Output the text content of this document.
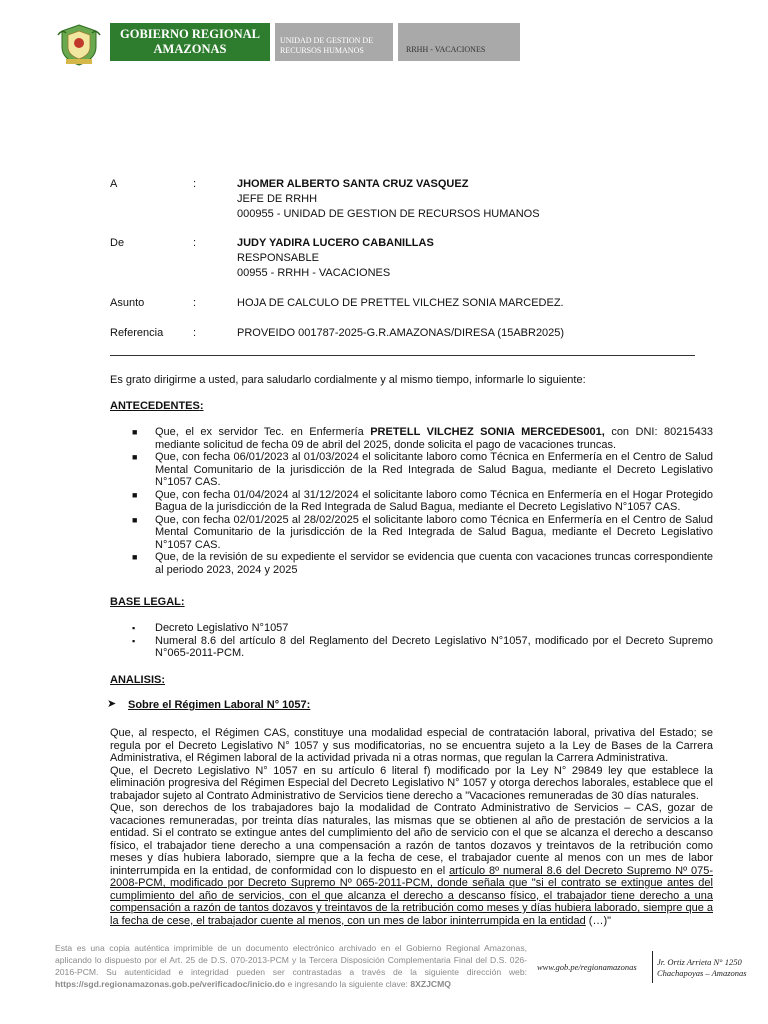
GOBIERNO REGIONAL
AMAZONAS
UNIDAD DE GESTION DE
RECURSOS HUMANOS	RRHH - VACACIONES
A	:	JHOMER ALBERTO SANTA CRUZ VASQUEZ
JEFE DE RRHH
000955 - UNIDAD DE GESTION DE RECURSOS HUMANOS
De	:	JUDY YADIRA LUCERO CABANILLAS
RESPONSABLE
00955 - RRHH - VACACIONES
Asunto	:	HOJA DE CALCULO DE PRETTEL VILCHEZ SONIA MARCEDEZ.
Referencia	:	PROVEIDO 001787-2025-G.R.AMAZONAS/DIRESA (15ABR2025)
Es grato dirigirme a usted, para saludarlo cordialmente y al mismo tiempo, informarle lo siguiente:
ANTECEDENTES:
■ Que, el ex servidor Tec. en Enfermería PRETELL VILCHEZ SONIA MERCEDES001, con DNI: 80215433 mediante solicitud de fecha 09 de abril del 2025, donde solicita el pago de vacaciones truncas.
■ Que, con fecha 06/01/2023 al 01/03/2024 el solicitante laboro como Técnica en Enfermería en el Centro de Salud Mental Comunitario de la jurisdicción de la Red Integrada de Salud Bagua, mediante el Decreto Legislativo N°1057 CAS.
■ Que, con fecha 01/04/2024 al 31/12/2024 el solicitante laboro como Técnica en Enfermería en el Hogar Protegido Bagua de la jurisdicción de la Red Integrada de Salud Bagua, mediante el Decreto Legislativo N°1057 CAS.
■ Que, con fecha 02/01/2025 al 28/02/2025 el solicitante laboro como Técnica en Enfermería en el Centro de Salud Mental Comunitario de la jurisdicción de la Red Integrada de Salud Bagua, mediante el Decreto Legislativo N°1057 CAS.
■ Que, de la revisión de su expediente el servidor se evidencia que cuenta con vacaciones truncas correspondiente al periodo 2023, 2024 y 2025
BASE LEGAL:
▪ Decreto Legislativo N°1057
▪ Numeral 8.6 del artículo 8 del Reglamento del Decreto Legislativo N°1057, modificado por el Decreto Supremo N°065-2011-PCM.
ANALISIS:
➤ Sobre el Régimen Laboral N° 1057:
Que, al respecto, el Régimen CAS, constituye una modalidad especial de contratación laboral, privativa del Estado; se regula por el Decreto Legislativo N° 1057 y sus modificatorias, no se encuentra sujeto a la Ley de Bases de la Carrera Administrativa, el Régimen laboral de la actividad privada ni a otras normas, que regulan la Carrera Administrativa.
Que, el Decreto Legislativo N° 1057 en su artículo 6 literal f) modificado por la Ley N° 29849 ley que establece la eliminación progresiva del Régimen Especial del Decreto Legislativo N° 1057 y otorga derechos laborales, establece que el trabajador sujeto al Contrato Administrativo de Servicios tiene derecho a "Vacaciones remuneradas de 30 días naturales.
Que, son derechos de los trabajadores bajo la modalidad de Contrato Administrativo de Servicios – CAS, gozar de vacaciones remuneradas, por treinta días naturales, las mismas que se obtienen al año de prestación de servicios a la entidad. Si el contrato se extingue antes del cumplimiento del año de servicio con el que se alcanza el derecho a descanso físico, el trabajador tiene derecho a una compensación a razón de tantos dozavos y treintavos de la retribución como meses y días hubiera laborado, siempre que a la fecha de cese, el trabajador cuente al menos con un mes de labor ininterrumpida en la entidad, de conformidad con lo dispuesto en el artículo 8º numeral 8.6 del Decreto Supremo Nº 075-2008-PCM, modificado por Decreto Supremo Nº 065-2011-PCM, donde señala que "si el contrato se extingue antes del cumplimiento del año de servicios, con el que alcanza el derecho a descanso físico, el trabajador tiene derecho a una compensación a razón de tantos dozavos y treintavos de la retribución como meses y días hubiera laborado, siempre que a la fecha de cese, el trabajador cuente al menos, con un mes de labor ininterrumpida en la entidad (…)"
Esta es una copia auténtica imprimible de un documento electrónico archivado en el Gobierno Regional Amazonas, aplicando lo dispuesto por el Art. 25 de D.S. 070-2013-PCM y la Tercera Disposición Complementaria Final del D.S. 026-2016-PCM. Su autenticidad e integridad pueden ser contrastadas a través de la siguiente dirección web: https://sgd.regionamazonas.gob.pe/verificadoc/inicio.do e ingresando la siguiente clave: 8XZJCMQ
www.gob.pe/regionamazonas Jr. Ortiz Arrieta N° 1250
Chachapoyas – Amazonas
